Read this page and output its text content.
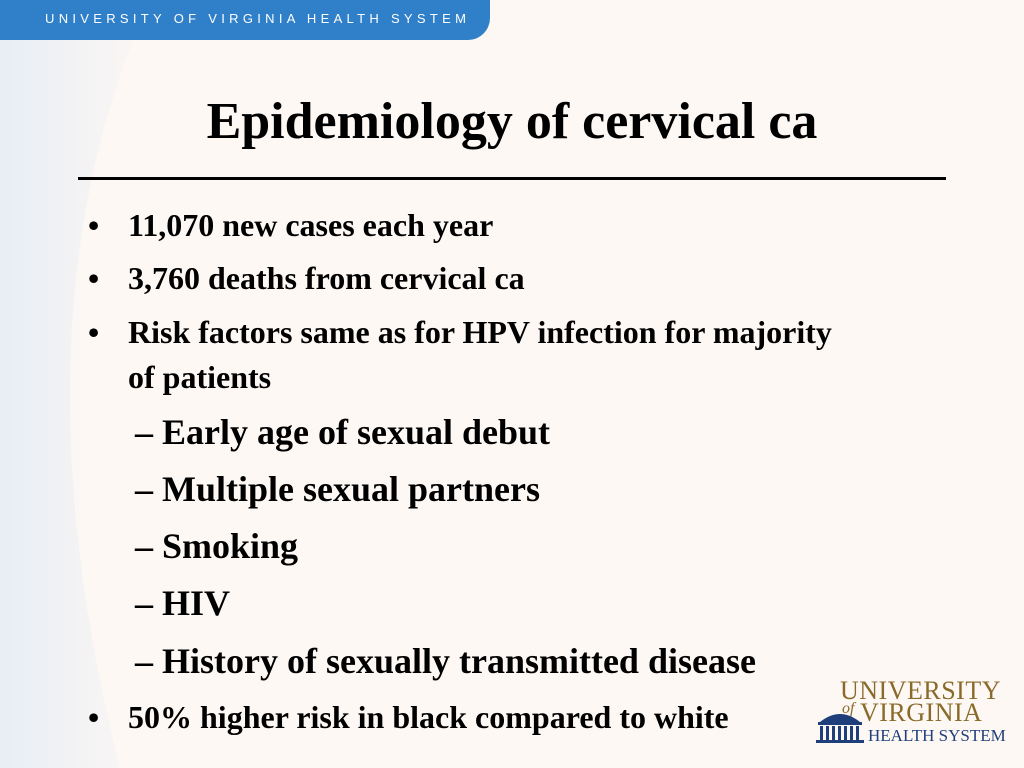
UNIVERSITY OF VIRGINIA HEALTH SYSTEM
Epidemiology of cervical ca
• 11,070 new cases each year
• 3,760 deaths from cervical ca
• Risk factors same as for HPV infection for majority
of patients
– Early age of sexual debut
– Multiple sexual partners
– Smoking
– HIV
– History of sexually transmitted disease
• 50% higher risk in black compared to white
UNIVERSITY
of VIRGINIA
HEALTH SYSTEM
